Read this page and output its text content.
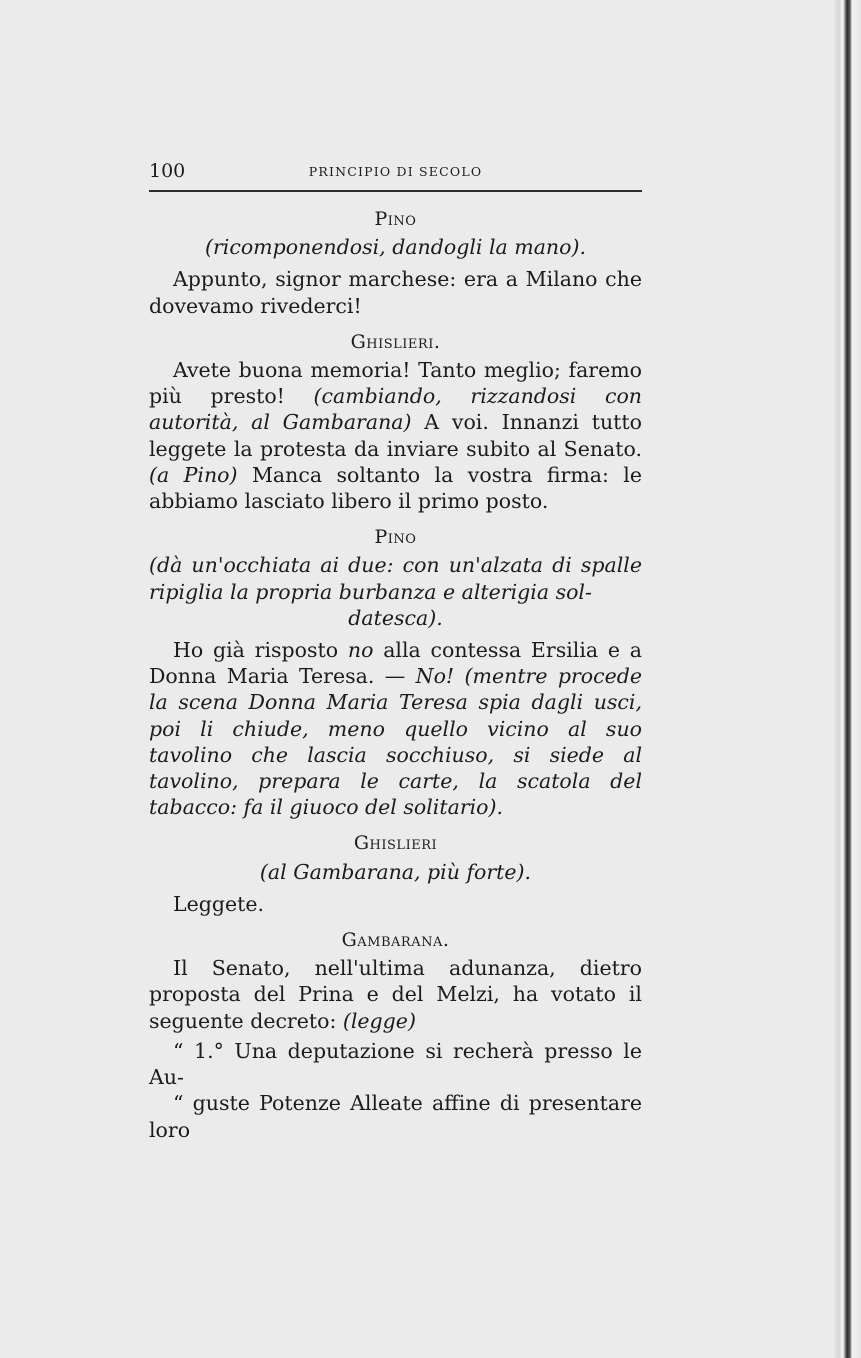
100	PRINCIPIO DI SECOLO
Pino
(ricomponendosi, dandogli la mano).
Appunto, signor marchese: era a Milano che dovevamo rivederci!
Ghislieri.
Avete buona memoria! Tanto meglio; faremo più presto! (cambiando, rizzandosi con autorità, al Gambarana) A voi. Innanzi tutto leggete la protesta da inviare subito al Senato. (a Pino) Manca soltanto la vostra firma: le abbiamo lasciato libero il primo posto.
Pino
(dà un'occhiata ai due: con un'alzata di spalle ripiglia la propria burbanza e alterigia sol-
datesca).
Ho già risposto no alla contessa Ersilia e a Donna Maria Teresa. — No! (mentre procede la scena Donna Maria Teresa spia dagli usci, poi li chiude, meno quello vicino al suo tavolino che lascia socchiuso, si siede al tavolino, prepara le carte, la scatola del tabacco: fa il giuoco del solitario).
Ghislieri
(al Gambarana, più forte).
Leggete.
Gambarana.
Il Senato, nell'ultima adunanza, dietro proposta del Prina e del Melzi, ha votato il seguente decreto: (legge)
“ 1.° Una deputazione si recherà presso le Au-
“ guste Potenze Alleate affine di presentare loro
